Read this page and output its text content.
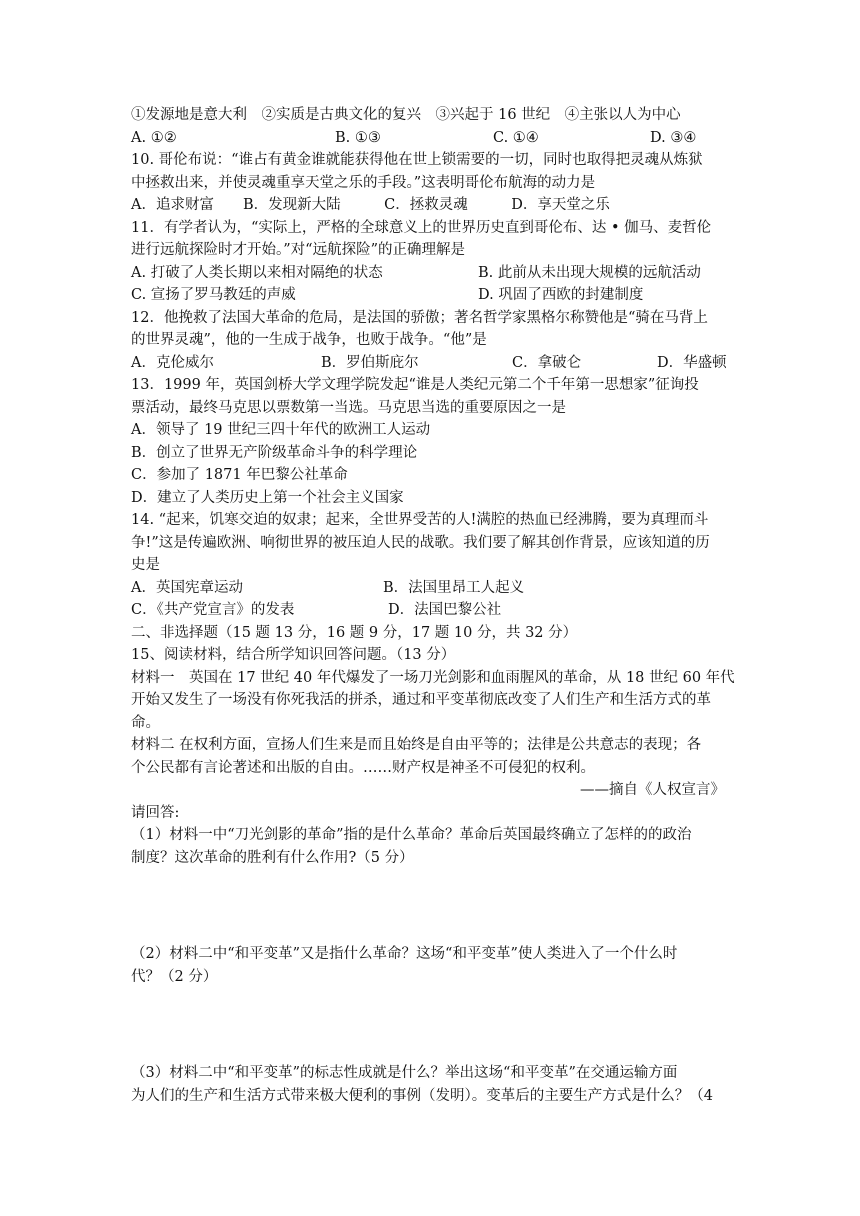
①发源地是意大利　②实质是古典文化的复兴　③兴起于 16 世纪　④主张以人为中心
A. ①②	B. ①③	C. ①④	D. ③④
10. 哥伦布说：“谁占有黄金谁就能获得他在世上锁需要的一切，同时也取得把灵魂从炼狱
中拯救出来，并使灵魂重享天堂之乐的手段。”这表明哥伦布航海的动力是
A．追求财富　　B．发现新大陆　　　C．拯救灵魂　　　D．享天堂之乐
11．有学者认为，“实际上，严格的全球意义上的世界历史直到哥伦布、达 • 伽马、麦哲伦
进行远航探险时才开始。”对“远航探险”的正确理解是
A. 打破了人类长期以来相对隔绝的状态	B. 此前从未出现大规模的远航活动
C. 宣扬了罗马教廷的声威	D. 巩固了西欧的封建制度
12．他挽救了法国大革命的危局，是法国的骄傲；著名哲学家黑格尔称赞他是“骑在马背上
的世界灵魂”，他的一生成于战争，也败于战争。“他”是
A．克伦威尔	B．罗伯斯庇尔	C．拿破仑	D．华盛顿
13．1999 年，英国剑桥大学文理学院发起“谁是人类纪元第二个千年第一思想家”征询投
票活动，最终马克思以票数第一当选。马克思当选的重要原因之一是
A．领导了 19 世纪三四十年代的欧洲工人运动
B．创立了世界无产阶级革命斗争的科学理论
C．参加了 1871 年巴黎公社革命
D．建立了人类历史上第一个社会主义国家
14. “起来，饥寒交迫的奴隶；起来，全世界受苦的人!满腔的热血已经沸腾，要为真理而斗
争!”这是传遍欧洲、响彻世界的被压迫人民的战歌。我们要了解其创作背景，应该知道的历
史是
A．英国宪章运动	B．法国里昂工人起义
C．《共产党宣言》的发表	D．法国巴黎公社
二、非选择题（15 题 13 分，16 题 9 分，17 题 10 分，共 32 分）
15、阅读材料，结合所学知识回答问题。（13 分）
材料一　英国在 17 世纪 40 年代爆发了一场刀光剑影和血雨腥风的革命，从 18 世纪 60 年代
开始又发生了一场没有你死我活的拼杀，通过和平变革彻底改变了人们生产和生活方式的革
命。
材料二 在权利方面，宣扬人们生来是而且始终是自由平等的；法律是公共意志的表现；各
个公民都有言论著述和出版的自由。……财产权是神圣不可侵犯的权利。
——摘自《人权宣言》
请回答:
（1）材料一中“刀光剑影的革命”指的是什么革命？革命后英国最终确立了怎样的的政治
制度？这次革命的胜利有什么作用?（5 分）
（2）材料二中“和平变革”又是指什么革命？这场“和平变革”使人类进入了一个什么时
代？（2 分）
（3）材料二中“和平变革”的标志性成就是什么？举出这场“和平变革”在交通运输方面
为人们的生产和生活方式带来极大便利的事例（发明）。变革后的主要生产方式是什么？（4
